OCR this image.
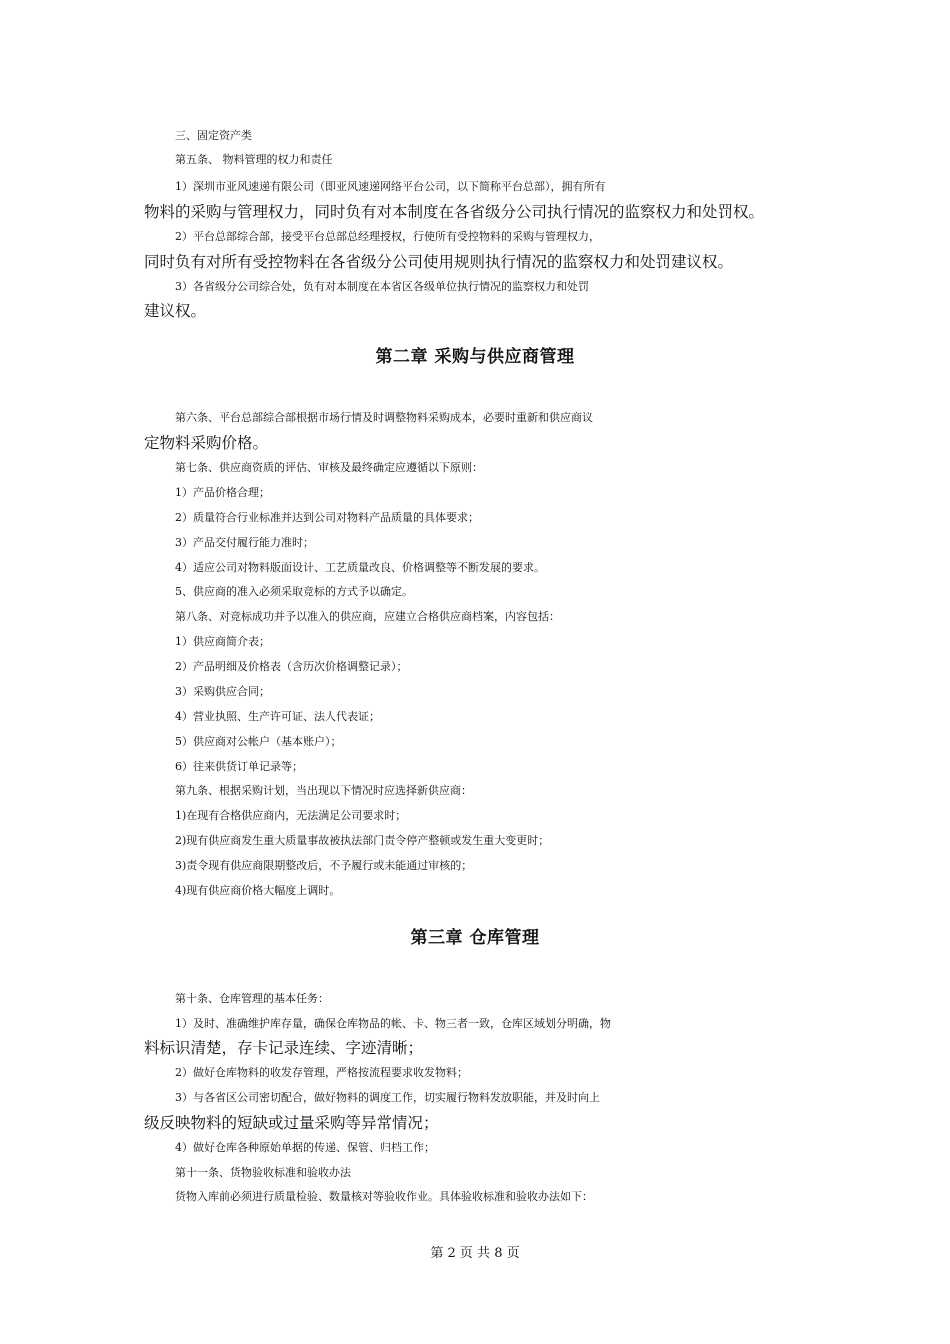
三、固定资产类
第五条、 物料管理的权力和责任
1）深圳市亚风速递有限公司（即亚风速递网络平台公司，以下简称平台总部），拥有所有
物料的采购与管理权力，同时负有对本制度在各省级分公司执行情况的监察权力和处罚权。
2）平台总部综合部，接受平台总部总经理授权，行使所有受控物料的采购与管理权力，
同时负有对所有受控物料在各省级分公司使用规则执行情况的监察权力和处罚建议权。
3）各省级分公司综合处，负有对本制度在本省区各级单位执行情况的监察权力和处罚
建议权。
第二章 采购与供应商管理
第六条、平台总部综合部根据市场行情及时调整物料采购成本，必要时重新和供应商议
定物料采购价格。
第七条、供应商资质的评估、审核及最终确定应遵循以下原则：
1）产品价格合理；
2）质量符合行业标准并达到公司对物料产品质量的具体要求；
3）产品交付履行能力准时；
4）适应公司对物料版面设计、工艺质量改良、价格调整等不断发展的要求。
5、供应商的准入必须采取竞标的方式予以确定。
第八条、对竞标成功并予以准入的供应商，应建立合格供应商档案，内容包括：
1）供应商简介表；
2）产品明细及价格表（含历次价格调整记录）；
3）采购供应合同；
4）营业执照、生产许可证、法人代表证；
5）供应商对公帐户（基本账户）；
6）往来供货订单记录等；
第九条、根据采购计划，当出现以下情况时应选择新供应商：
1)在现有合格供应商内，无法满足公司要求时；
2)现有供应商发生重大质量事故被执法部门责令停产整顿或发生重大变更时；
3)责令现有供应商限期整改后，不予履行或未能通过审核的；
4)现有供应商价格大幅度上调时。
第三章 仓库管理
第十条、仓库管理的基本任务：
1）及时、准确维护库存量，确保仓库物品的帐、卡、物三者一致，仓库区域划分明确，物
料标识清楚，存卡记录连续、字迹清晰；
2）做好仓库物料的收发存管理，严格按流程要求收发物料；
3）与各省区公司密切配合，做好物料的调度工作，切实履行物料发放职能，并及时向上
级反映物料的短缺或过量采购等异常情况；
4）做好仓库各种原始单据的传递、保管、归档工作；
第十一条、货物验收标准和验收办法
货物入库前必须进行质量检验、数量核对等验收作业。具体验收标准和验收办法如下：
第 2 页 共 8 页
